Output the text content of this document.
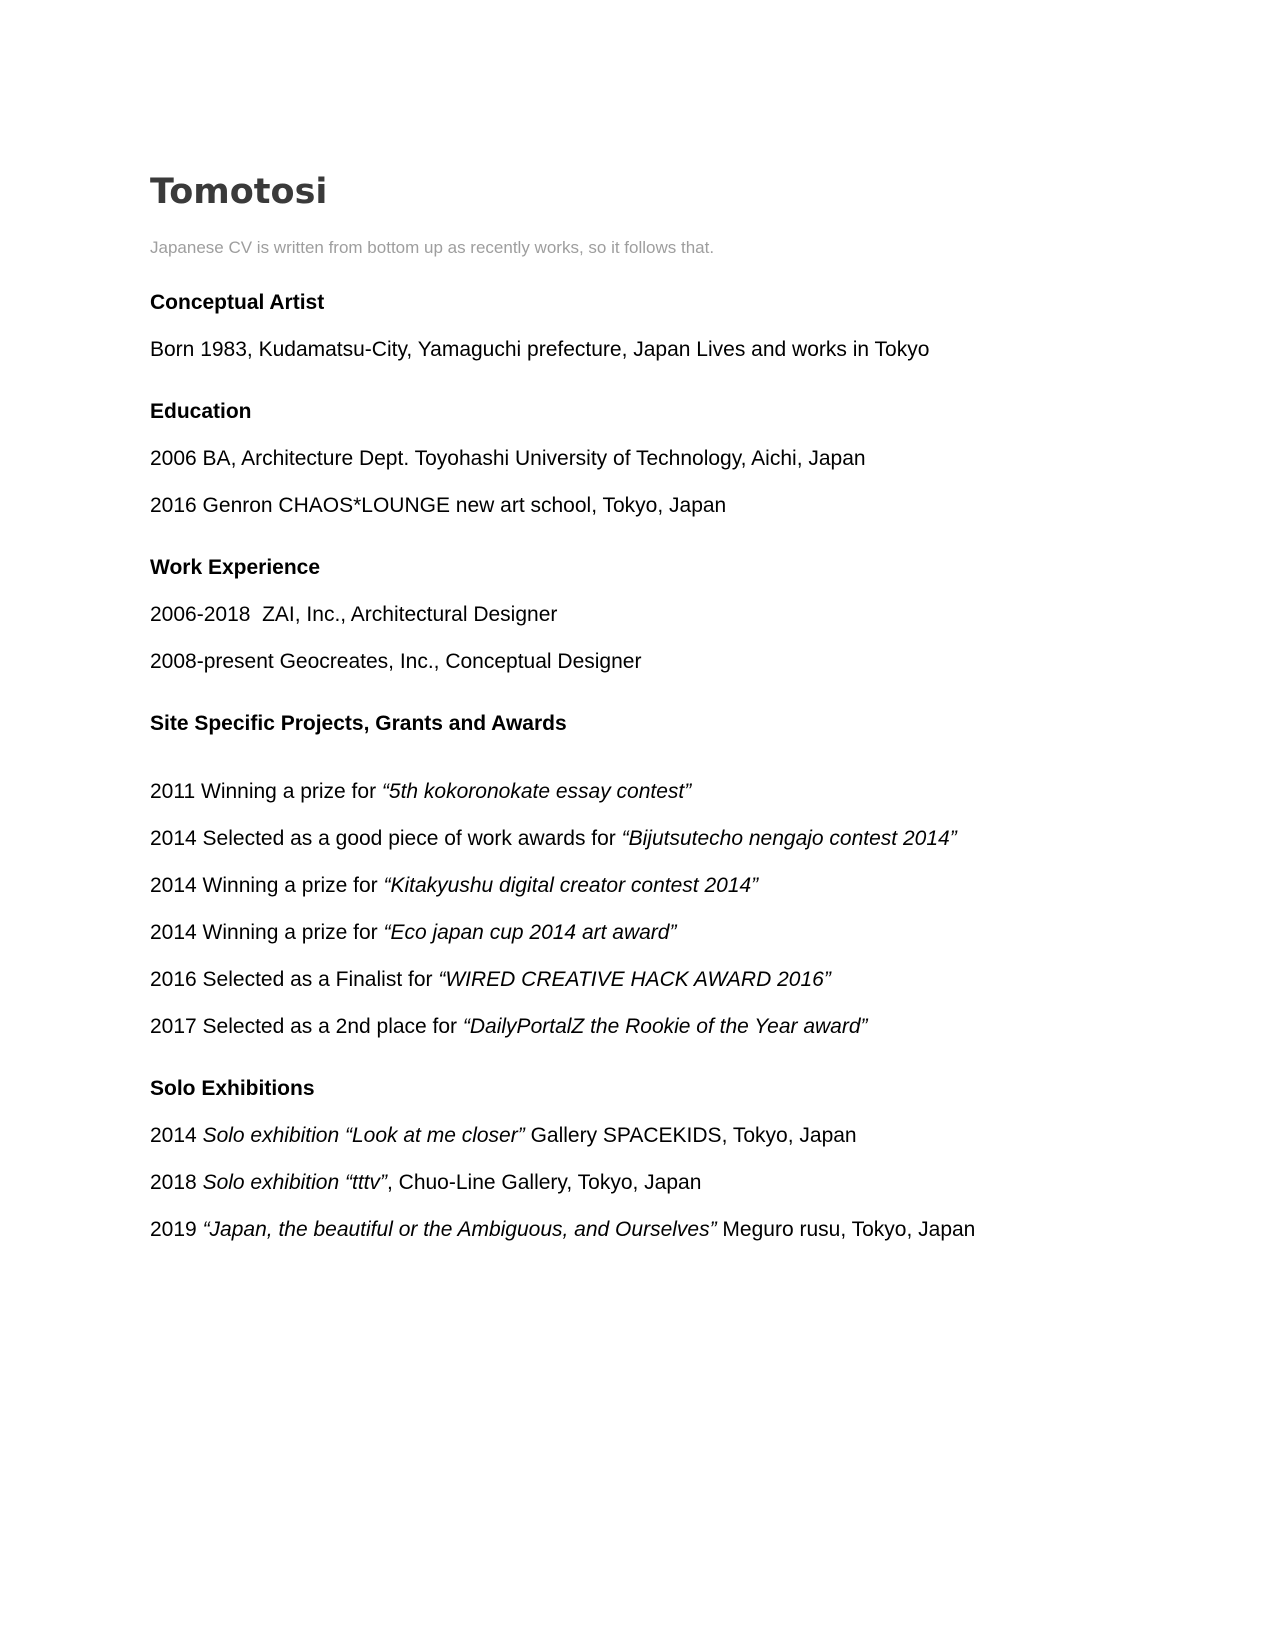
Tomotosi
Japanese CV is written from bottom up as recently works, so it follows that.
Conceptual Artist
Born 1983, Kudamatsu-City, Yamaguchi prefecture, Japan Lives and works in Tokyo
Education
2006 BA, Architecture Dept. Toyohashi University of Technology, Aichi, Japan
2016 Genron CHAOS*LOUNGE new art school, Tokyo, Japan
Work Experience
2006-2018  ZAI, Inc., Architectural Designer
2008-present Geocreates, Inc., Conceptual Designer
Site Specific Projects, Grants and Awards
2011 Winning a prize for “5th kokoronokate essay contest”
2014 Selected as a good piece of work awards for “Bijutsutecho nengajo contest 2014”
2014 Winning a prize for “Kitakyushu digital creator contest 2014”
2014 Winning a prize for “Eco japan cup 2014 art award”
2016 Selected as a Finalist for “WIRED CREATIVE HACK AWARD 2016”
2017 Selected as a 2nd place for “DailyPortalZ the Rookie of the Year award”
Solo Exhibitions
2014 Solo exhibition “Look at me closer” Gallery SPACEKIDS, Tokyo, Japan
2018 Solo exhibition “tttv”, Chuo-Line Gallery, Tokyo, Japan
2019 “Japan, the beautiful or the Ambiguous, and Ourselves” Meguro rusu, Tokyo, Japan
